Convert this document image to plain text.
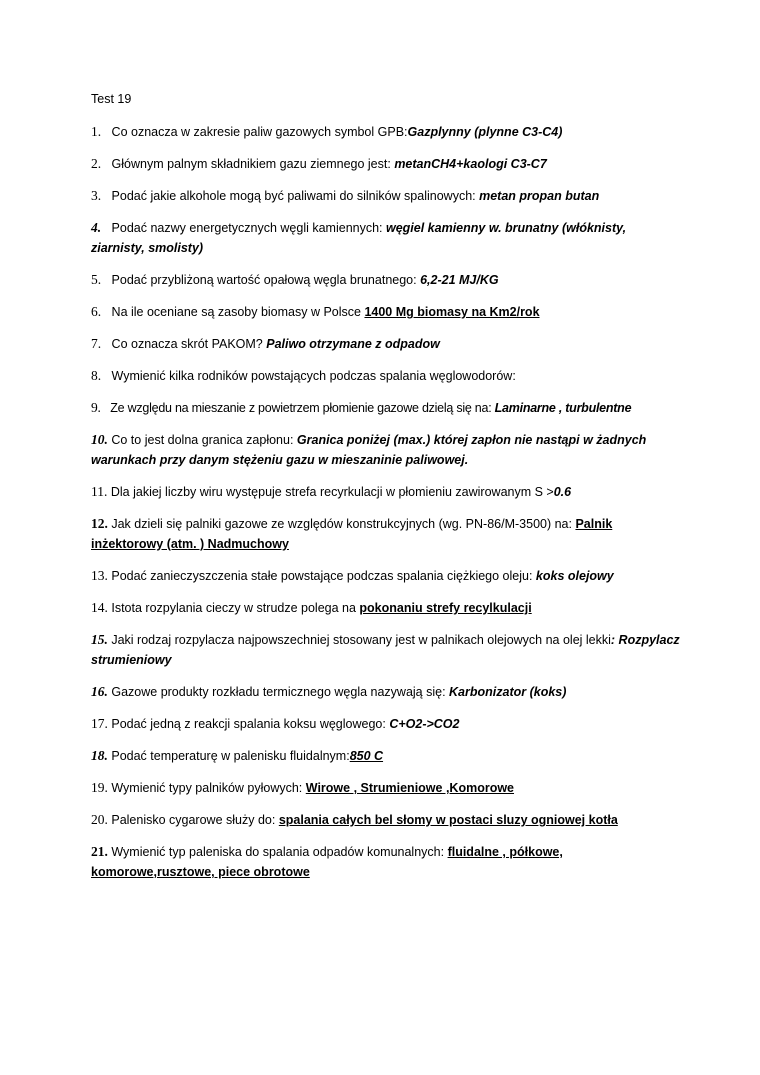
Test 19
1. Co oznacza w zakresie paliw gazowych symbol GPB:Gazplynny (plynne C3-C4)
2. Głównym palnym składnikiem gazu ziemnego jest: metanCH4+kaologi C3-C7
3. Podać jakie alkohole mogą być paliwami do silników spalinowych: metan propan butan
4. Podać nazwy energetycznych węgli kamiennych: węgiel kamienny w. brunatny (włóknisty, ziarnisty, smolisty)
5. Podać przybliżoną wartość opałową węgla brunatnego: 6,2-21 MJ/KG
6. Na ile oceniane są zasoby biomasy w Polsce 1400 Mg biomasy na Km2/rok
7. Co oznacza skrót PAKOM? Paliwo otrzymane z odpadow
8. Wymienić kilka rodników powstających podczas spalania węglowodorów:
9. Ze względu na mieszanie z powietrzem płomienie gazowe dzielą się na: Laminarne , turbulentne
10. Co to jest dolna granica zapłonu: Granica poniżej (max.) której zapłon nie nastąpi w żadnych warunkach przy danym stężeniu gazu w mieszaninie paliwowej.
11. Dla jakiej liczby wiru występuje strefa recyrkulacji w płomieniu zawirowanym S >0.6
12. Jak dzieli się palniki gazowe ze względów konstrukcyjnych (wg. PN-86/M-3500) na: Palnik inżektorowy (atm. ) Nadmuchowy
13. Podać zanieczyszczenia stałe powstające podczas spalania ciężkiego oleju: koks olejowy
14. Istota rozpylania cieczy w strudze polega na pokonaniu strefy recylkulacji
15. Jaki rodzaj rozpylacza najpowszechniej stosowany jest w palnikach olejowych na olej lekki: Rozpylacz strumieniowy
16. Gazowe produkty rozkładu termicznego węgla nazywają się: Karbonizator (koks)
17. Podać jedną z reakcji spalania koksu węglowego: C+O2->CO2
18. Podać temperaturę w palenisku fluidalnym:850 C
19. Wymienić typy palników pyłowych: Wirowe , Strumieniowe ,Komorowe
20. Palenisko cygarowe służy do: spalania całych bel słomy w postaci sluzy ogniowej kotła
21. Wymienić typ paleniska do spalania odpadów komunalnych: fluidalne , półkowe, komorowe,rusztowe, piece obrotowe
